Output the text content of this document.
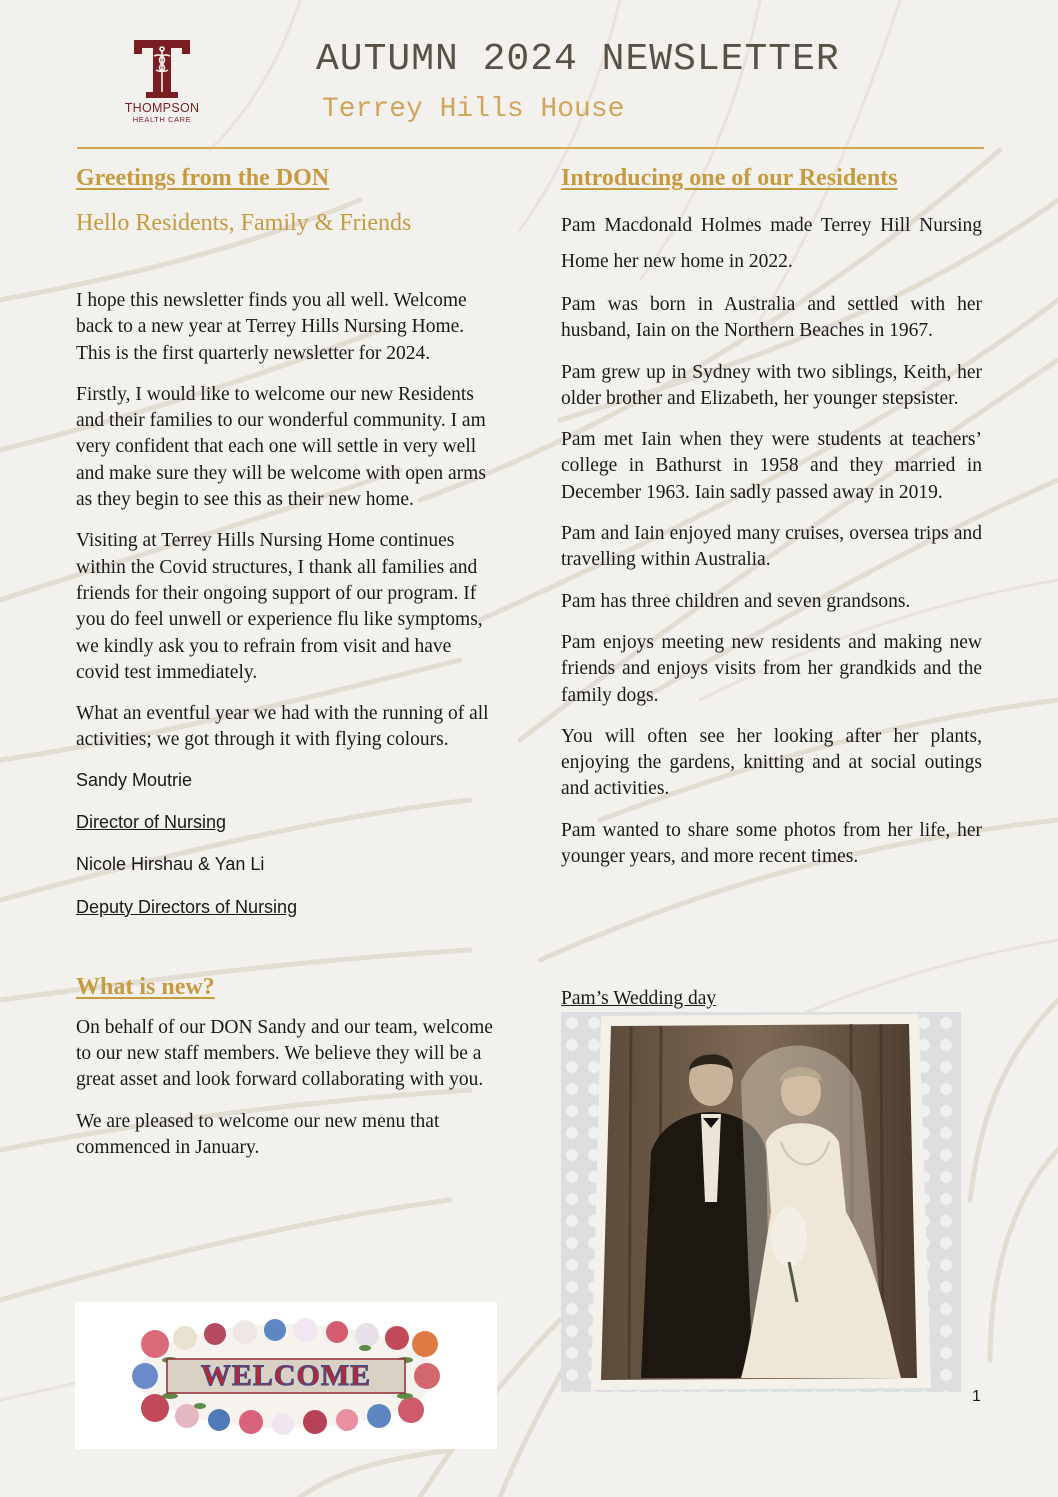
THOMPSON
HEALTH CARE
AUTUMN 2024 NEWSLETTER
Terrey Hills House
Greetings from the DON
Hello Residents, Family & Friends

I hope this newsletter finds you all well. Welcome back to a new year at Terrey Hills Nursing Home. This is the first quarterly newsletter for 2024.

Firstly, I would like to welcome our new Residents and their families to our wonderful community. I am very confident that each one will settle in very well and make sure they will be welcome with open arms as they begin to see this as their new home.

Visiting at Terrey Hills Nursing Home continues within the Covid structures, I thank all families and friends for their ongoing support of our program. If you do feel unwell or experience flu like symptoms, we kindly ask you to refrain from visit and have covid test immediately.

What an eventful year we had with the running of all activities; we got through it with flying colours.

Sandy Moutrie
Director of Nursing
Nicole Hirshau & Yan Li
Deputy Directors of Nursing
What is new?

On behalf of our DON Sandy and our team, welcome to our new staff members. We believe they will be a great asset and look forward collaborating with you.

We are pleased to welcome our new menu that commenced in January.

WELCOME
Introducing one of our Residents

Pam Macdonald Holmes made Terrey Hill Nursing Home her new home in 2022.

Pam was born in Australia and settled with her husband, Iain on the Northern Beaches in 1967.

Pam grew up in Sydney with two siblings, Keith, her older brother and Elizabeth, her younger stepsister.

Pam met Iain when they were students at teachers’ college in Bathurst in 1958 and they married in December 1963. Iain sadly passed away in 2019.

Pam and Iain enjoyed many cruises, oversea trips and travelling within Australia.

Pam has three children and seven grandsons.

Pam enjoys meeting new residents and making new friends and enjoys visits from her grandkids and the family dogs.

You will often see her looking after her plants, enjoying the gardens, knitting and at social outings and activities.

Pam wanted to share some photos from her life, her younger years, and more recent times.

Pam’s Wedding day
1
